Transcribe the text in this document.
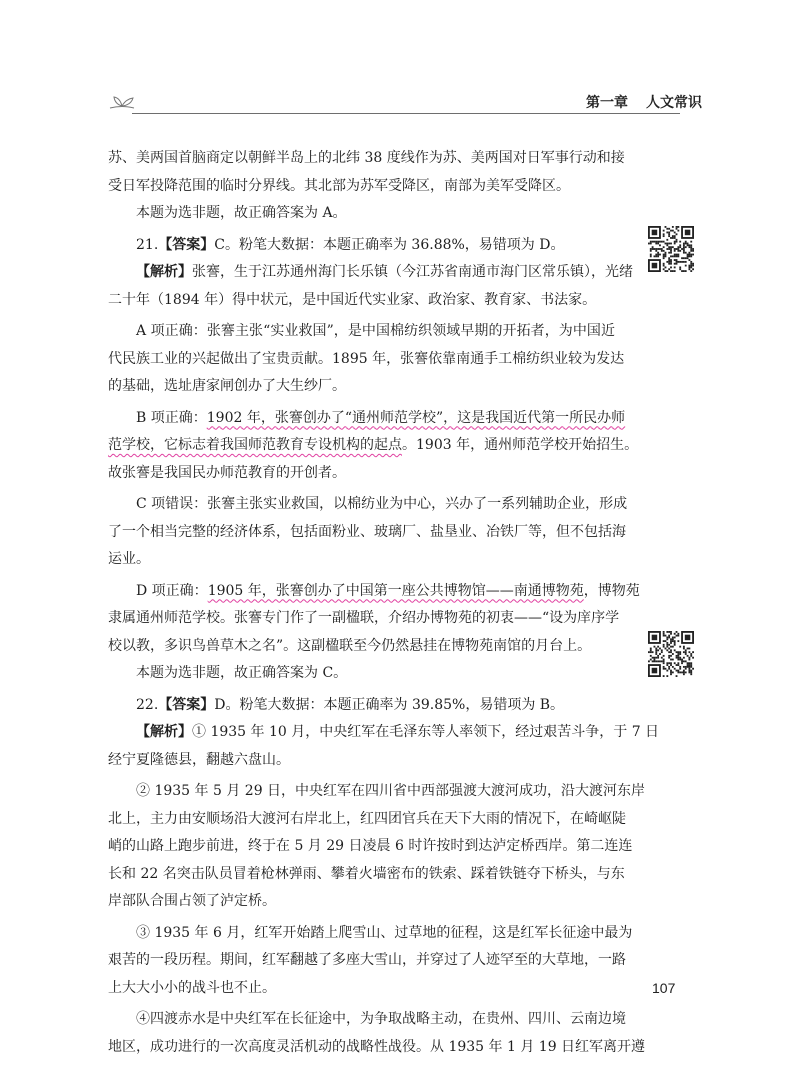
第一章 人文常识
苏、美两国首脑商定以朝鲜半岛上的北纬 38 度线作为苏、美两国对日军事行动和接
受日军投降范围的临时分界线。其北部为苏军受降区，南部为美军受降区。
本题为选非题，故正确答案为 A。
21.【答案】C。粉笔大数据：本题正确率为 36.88%，易错项为 D。
【解析】张謇，生于江苏通州海门长乐镇（今江苏省南通市海门区常乐镇），光绪
二十年（1894 年）得中状元，是中国近代实业家、政治家、教育家、书法家。
A 项正确：张謇主张“实业救国”，是中国棉纺织领域早期的开拓者，为中国近
代民族工业的兴起做出了宝贵贡献。1895 年，张謇依靠南通手工棉纺织业较为发达
的基础，选址唐家闸创办了大生纱厂。
B 项正确：1902 年，张謇创办了“通州师范学校”，这是我国近代第一所民办师
范学校，它标志着我国师范教育专设机构的起点。1903 年，通州师范学校开始招生。
故张謇是我国民办师范教育的开创者。
C 项错误：张謇主张实业救国，以棉纺业为中心，兴办了一系列辅助企业，形成
了一个相当完整的经济体系，包括面粉业、玻璃厂、盐垦业、冶铁厂等，但不包括海
运业。
D 项正确：1905 年，张謇创办了中国第一座公共博物馆——南通博物苑，博物苑
隶属通州师范学校。张謇专门作了一副楹联，介绍办博物苑的初衷——“设为庠序学
校以教，多识鸟兽草木之名”。这副楹联至今仍然悬挂在博物苑南馆的月台上。
本题为选非题，故正确答案为 C。
22.【答案】D。粉笔大数据：本题正确率为 39.85%，易错项为 B。
【解析】① 1935 年 10 月，中央红军在毛泽东等人率领下，经过艰苦斗争，于 7 日
经宁夏隆德县，翻越六盘山。
② 1935 年 5 月 29 日，中央红军在四川省中西部强渡大渡河成功，沿大渡河东岸
北上，主力由安顺场沿大渡河右岸北上，红四团官兵在天下大雨的情况下，在崎岖陡
峭的山路上跑步前进，终于在 5 月 29 日凌晨 6 时许按时到达泸定桥西岸。第二连连
长和 22 名突击队员冒着枪林弹雨、攀着火墙密布的铁索、踩着铁链夺下桥头，与东
岸部队合围占领了泸定桥。
③ 1935 年 6 月，红军开始踏上爬雪山、过草地的征程，这是红军长征途中最为
艰苦的一段历程。期间，红军翻越了多座大雪山，并穿过了人迹罕至的大草地，一路
上大大小小的战斗也不止。
④四渡赤水是中央红军在长征途中，为争取战略主动，在贵州、四川、云南边境
地区，成功进行的一次高度灵活机动的战略性战役。从 1935 年 1 月 19 日红军离开遵
107
